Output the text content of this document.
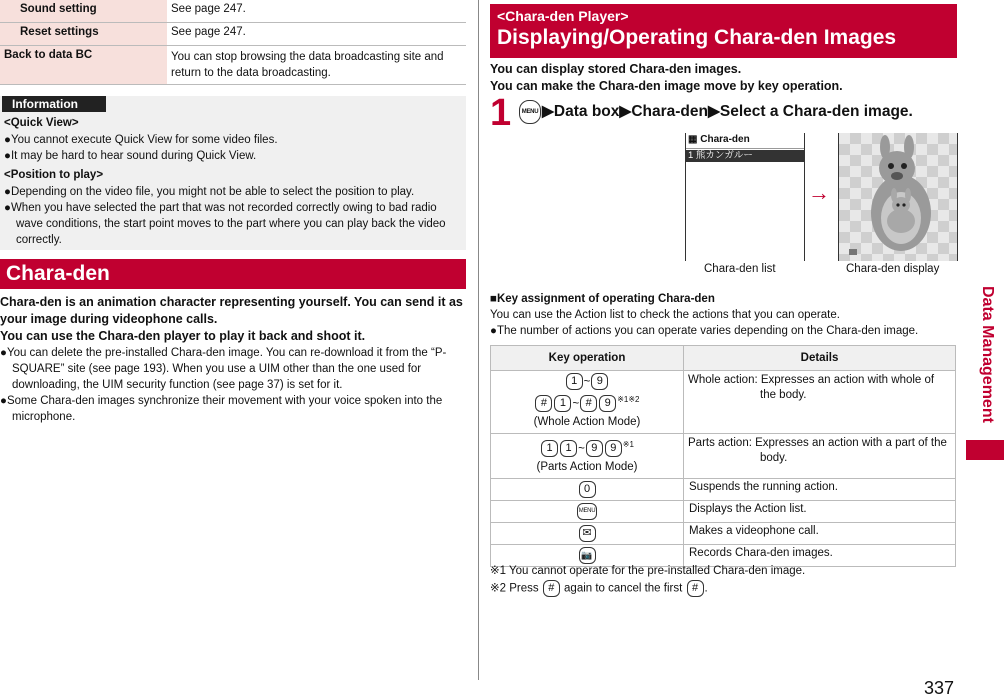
Sound setting	See page 247.
Reset settings	See page 247.
Back to data BC	You can stop browsing the data broadcasting site and return to the data broadcasting.
Information
<Quick View>
●You cannot execute Quick View for some video files.
●It may be hard to hear sound during Quick View.
<Position to play>
●Depending on the video file, you might not be able to select the position to play.
●When you have selected the part that was not recorded correctly owing to bad radio wave conditions, the start point moves to the part where you can play back the video correctly.
Chara-den
Chara-den is an animation character representing yourself. You can send it as your image during videophone calls.
You can use the Chara-den player to play it back and shoot it.
●You can delete the pre-installed Chara-den image. You can re-download it from the “P-SQUARE” site (see page 193). When you use a UIM other than the one used for downloading, the UIM security function (see page 37) is set for it.
●Some Chara-den images synchronize their movement with your voice spoken into the microphone.
<Chara-den Player>
Displaying/Operating Chara-den Images
You can display stored Chara-den images.
You can make the Chara-den image move by key operation.
1	MENU ▶Data box▶Chara-den▶Select a Chara-den image.
▦ Chara-den
1 熊カンガルー
→
Chara-den list	Chara-den display
■Key assignment of operating Chara-den
You can use the Action list to check the actions that you can operate.
●The number of actions you can operate varies depending on the Chara-den image.
Key operation	Details
1 ~ 9
# 1 ~ # 9 $^{※1※2}$
(Whole Action Mode)	Whole action: Expresses an action with whole of the body.
1 1 ~ 9 9 $^{※1}$
(Parts Action Mode)	Parts action: Expresses an action with a part of the body.
0	Suspends the running action.
MENU	Displays the Action list.
✉	Makes a videophone call.
📷	Records Chara-den images.
※1 You cannot operate for the pre-installed Chara-den image.
※2 Press # again to cancel the first # .
Data Management
337
